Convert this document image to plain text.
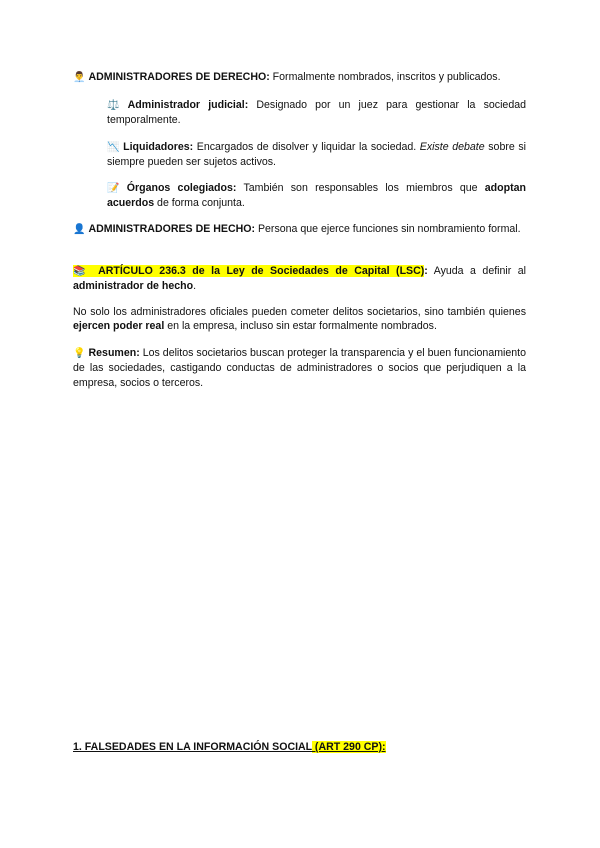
👨‍💼 ADMINISTRADORES DE DERECHO: Formalmente nombrados, inscritos y publicados.
⚖️ Administrador judicial: Designado por un juez para gestionar la sociedad temporalmente.
📉 Liquidadores: Encargados de disolver y liquidar la sociedad. Existe debate sobre si siempre pueden ser sujetos activos.
📝 Órganos colegiados: También son responsables los miembros que adoptan acuerdos de forma conjunta.
👤 ADMINISTRADORES DE HECHO: Persona que ejerce funciones sin nombramiento formal.
📚 ARTÍCULO 236.3 de la Ley de Sociedades de Capital (LSC): Ayuda a definir al administrador de hecho.
No solo los administradores oficiales pueden cometer delitos societarios, sino también quienes ejercen poder real en la empresa, incluso sin estar formalmente nombrados.
💡 Resumen: Los delitos societarios buscan proteger la transparencia y el buen funcionamiento de las sociedades, castigando conductas de administradores o socios que perjudiquen a la empresa, socios o terceros.
1. FALSEDADES EN LA INFORMACIÓN SOCIAL (ART 290 CP):
